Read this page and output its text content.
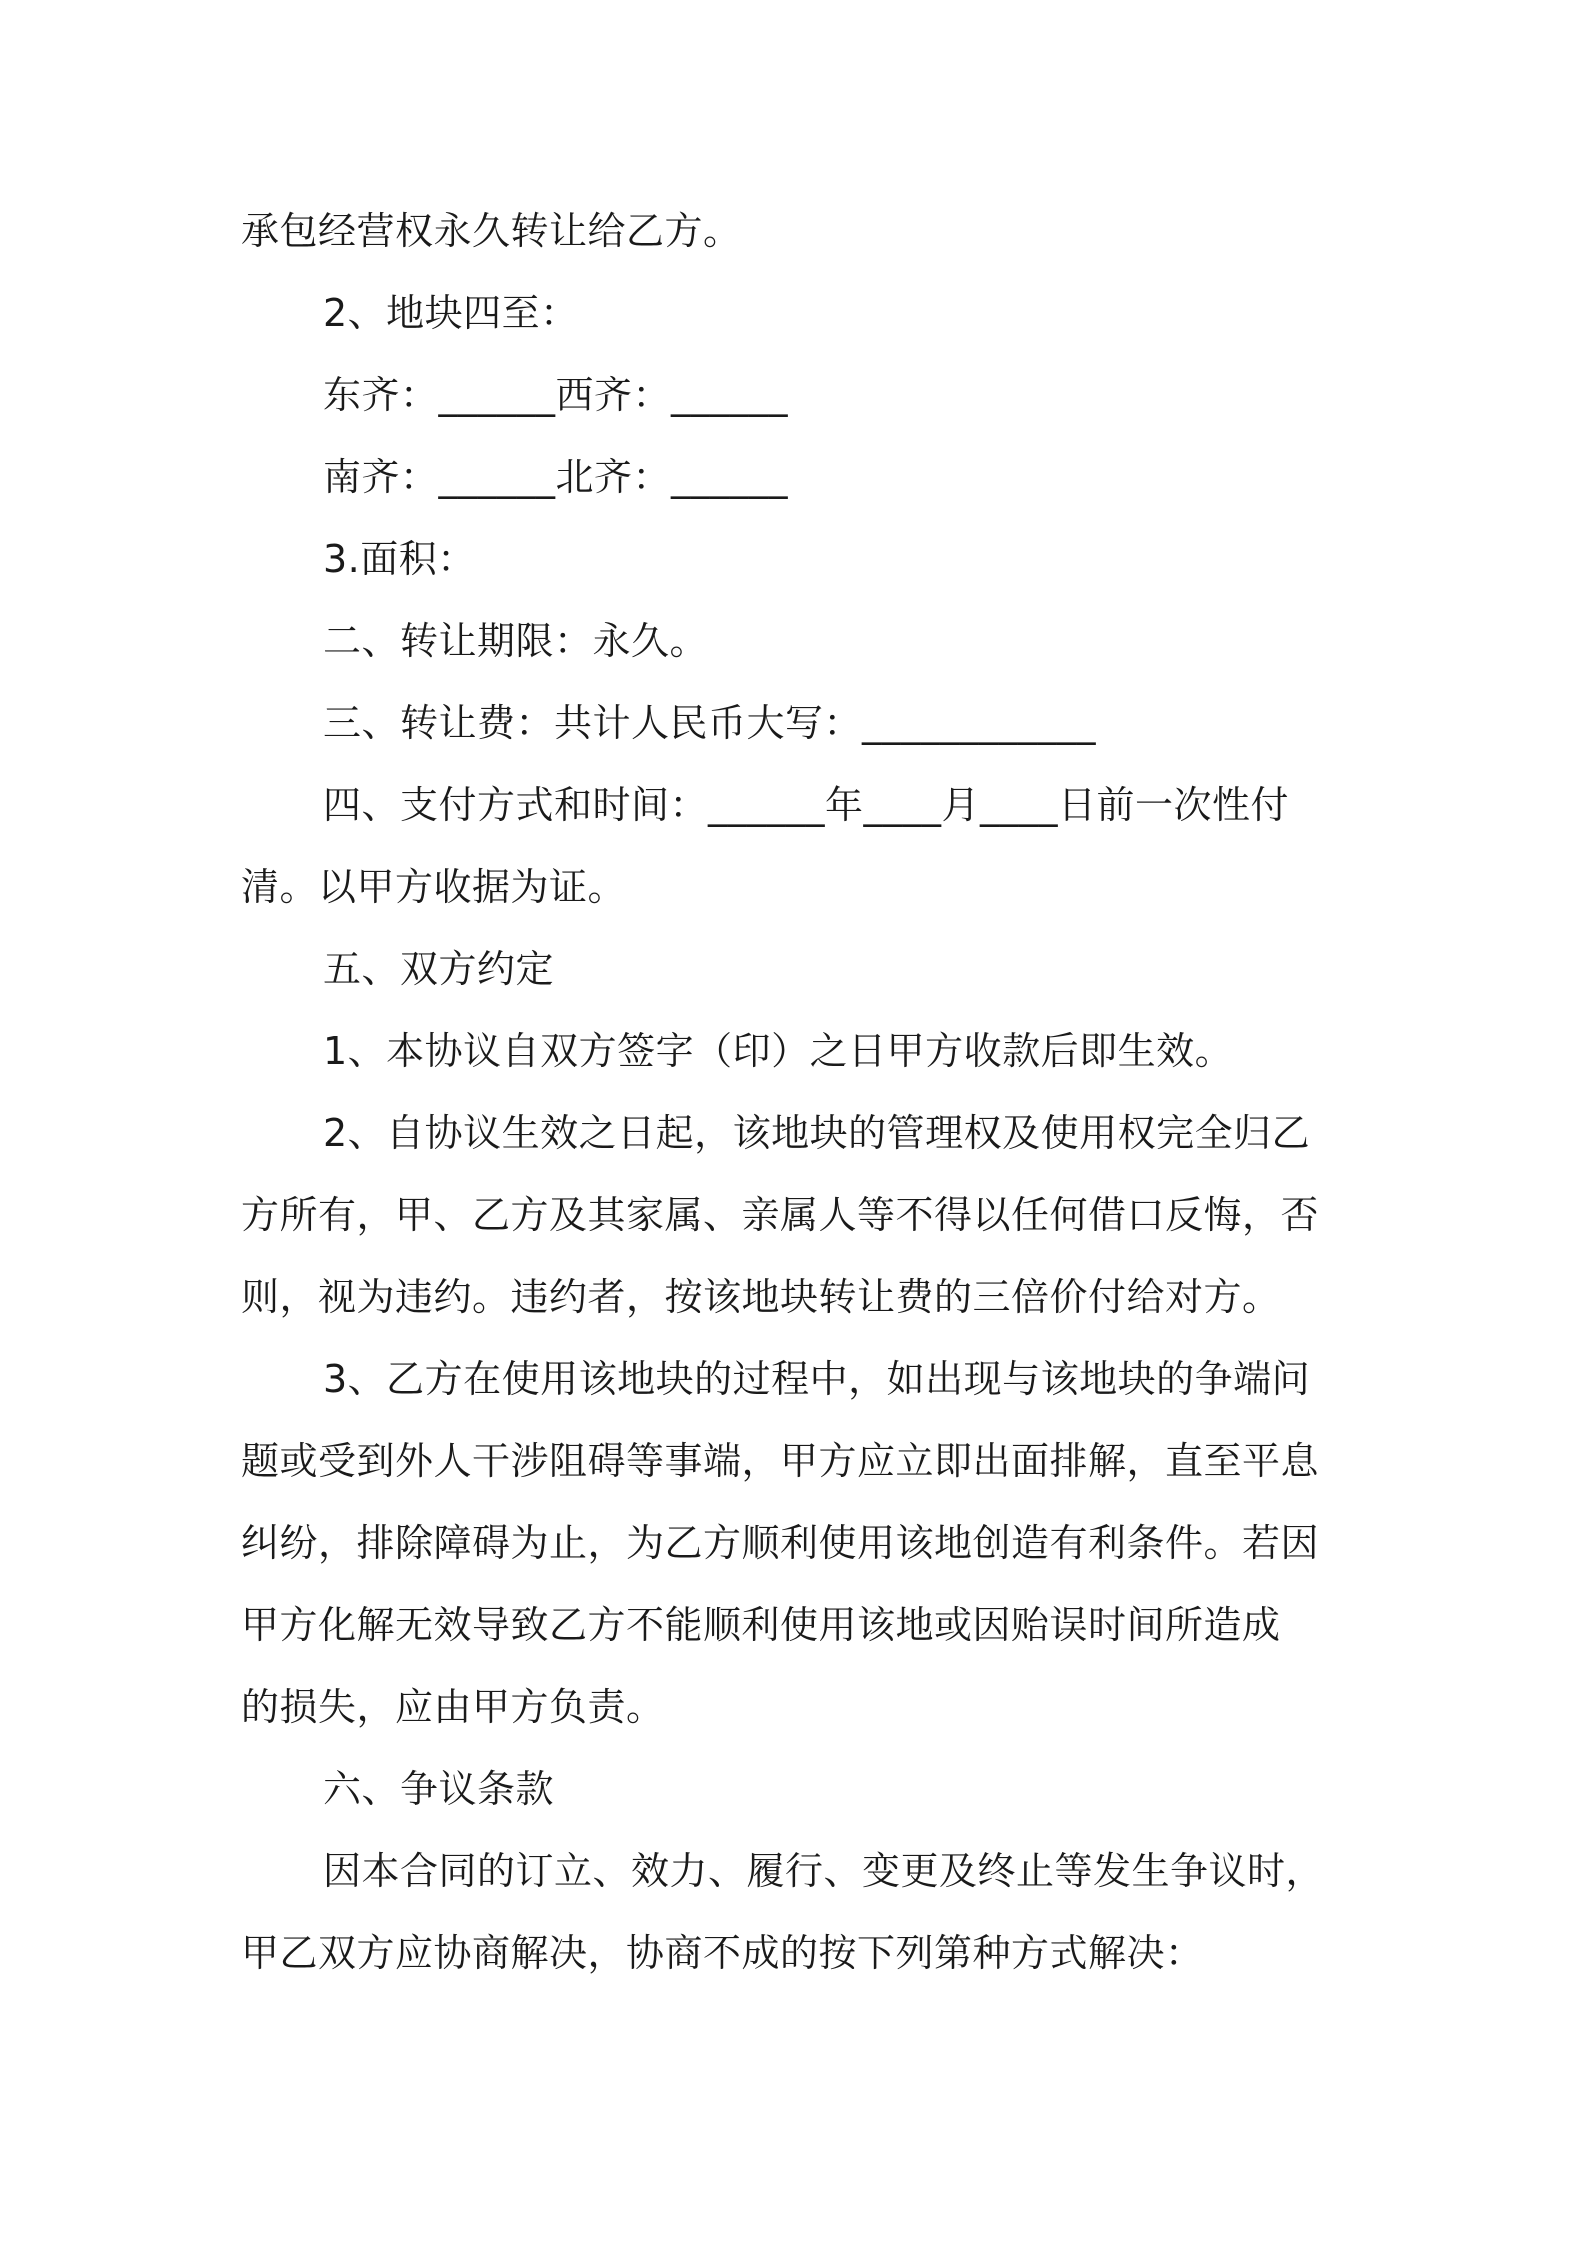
承包经营权永久转让给乙方。
2、地块四至：
东齐：______西齐：______
南齐：______北齐：______
3.面积：
二、转让期限：永久。
三、转让费：共计人民币大写：____________
四、支付方式和时间：______年____月____日前一次性付
清。以甲方收据为证。
五、双方约定
1、本协议自双方签字（印）之日甲方收款后即生效。
2、自协议生效之日起，该地块的管理权及使用权完全归乙
方所有，甲、乙方及其家属、亲属人等不得以任何借口反悔，否
则，视为违约。违约者，按该地块转让费的三倍价付给对方。
3、乙方在使用该地块的过程中，如出现与该地块的争端问
题或受到外人干涉阻碍等事端，甲方应立即出面排解，直至平息
纠纷，排除障碍为止，为乙方顺利使用该地创造有利条件。若因
甲方化解无效导致乙方不能顺利使用该地或因贻误时间所造成
的损失，应由甲方负责。
六、争议条款
因本合同的订立、效力、履行、变更及终止等发生争议时，
甲乙双方应协商解决，协商不成的按下列第种方式解决：
